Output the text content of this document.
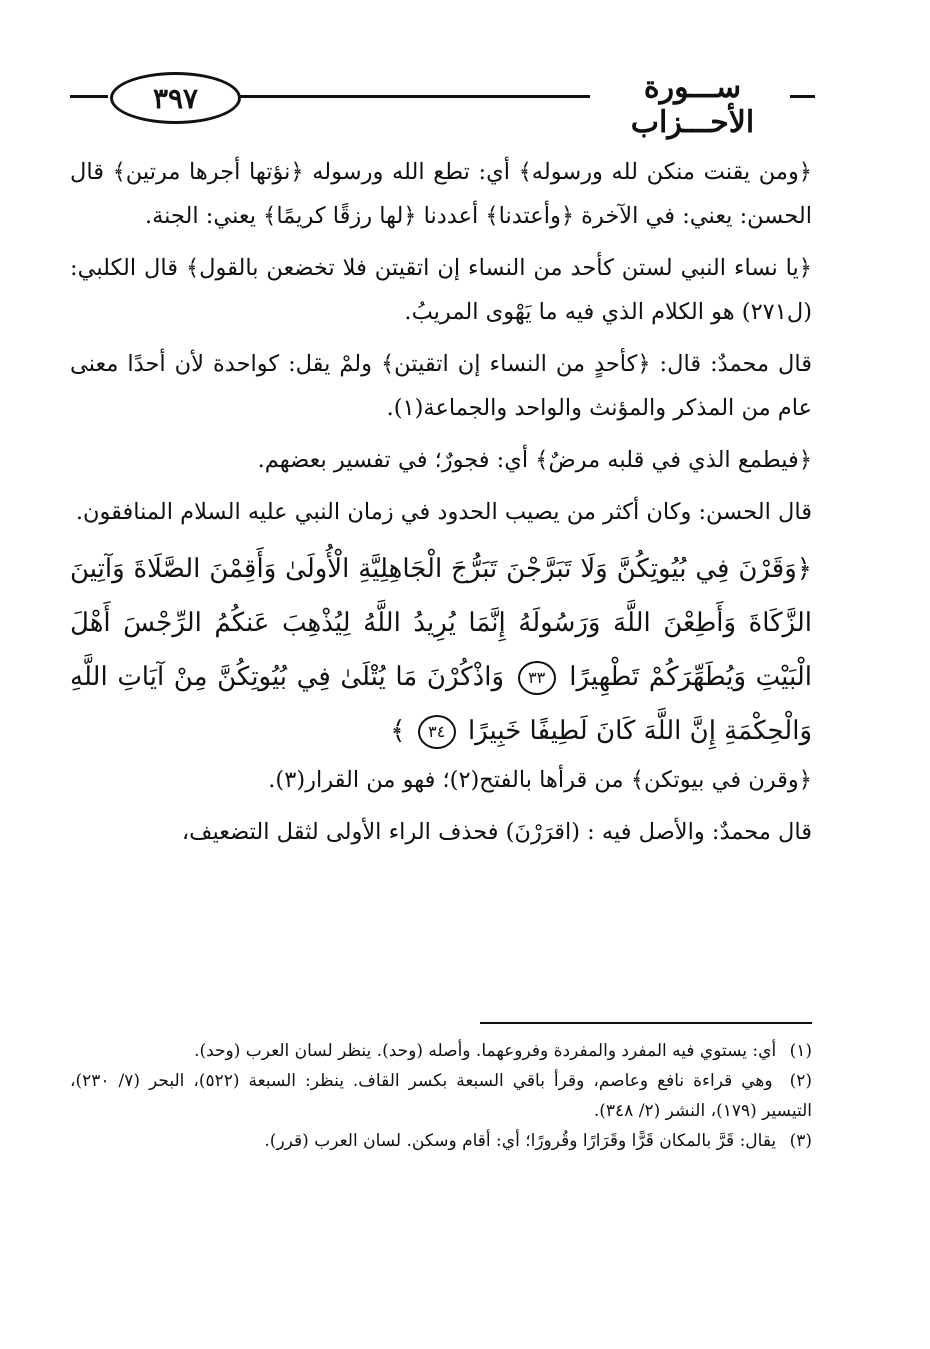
٣٩٧	ســـورة الأحـــزاب

﴿ومن يقنت منكن لله ورسوله﴾ أي: تطع الله ورسوله ﴿نؤتها أجرها مرتين﴾ قال الحسن: يعني: في الآخرة ﴿وأعتدنا﴾ أعددنا ﴿لها رزقًا كريمًا﴾ يعني: الجنة.

﴿يا نساء النبي لستن كأحد من النساء إن اتقيتن فلا تخضعن بالقول﴾ قال الكلبي: (ل٢٧١) هو الكلام الذي فيه ما يَهْوى المريبُ.

قال محمدٌ: قال: ﴿كأحدٍ من النساء إن اتقيتن﴾ ولمْ يقل: كواحدة لأن أحدًا معنى عام من المذكر والمؤنث والواحد والجماعة(١).

﴿فيطمع الذي في قلبه مرضٌ﴾ أي: فجورٌ؛ في تفسير بعضهم.

قال الحسن: وكان أكثر من يصيب الحدود في زمان النبي عليه السلام المنافقون.

﴿وَقَرْنَ فِي بُيُوتِكُنَّ وَلَا تَبَرَّجْنَ تَبَرُّجَ الْجَاهِلِيَّةِ الْأُولَىٰ وَأَقِمْنَ الصَّلَاةَ وَآتِينَ الزَّكَاةَ وَأَطِعْنَ اللَّهَ وَرَسُولَهُ إِنَّمَا يُرِيدُ اللَّهُ لِيُذْهِبَ عَنكُمُ الرِّجْسَ أَهْلَ الْبَيْتِ وَيُطَهِّرَكُمْ تَطْهِيرًا ٣٣ وَاذْكُرْنَ مَا يُتْلَىٰ فِي بُيُوتِكُنَّ مِنْ آيَاتِ اللَّهِ وَالْحِكْمَةِ إِنَّ اللَّهَ كَانَ لَطِيفًا خَبِيرًا ٣٤ ﴾

﴿وقرن في بيوتكن﴾ من قرأها بالفتح(٢)؛ فهو من القرار(٣).

قال محمدٌ: والأصل فيه : (اقرَرْنَ) فحذف الراء الأولى لثقل التضعيف،

(١) أي: يستوي فيه المفرد والمفردة وفروعهما. وأصله (وحد). ينظر لسان العرب (وحد).

(٢) وهي قراءة نافع وعاصم، وقرأ باقي السبعة بكسر القاف. ينظر: السبعة (٥٢٢)، البحر (٧/ ٢٣٠)، التيسير (١٧٩)، النشر (٢/ ٣٤٨).

(٣) يقال: قَرَّ بالمكان قَرًّا وقَرَارًا وقُرورًا؛ أي: أقام وسكن. لسان العرب (قرر).
